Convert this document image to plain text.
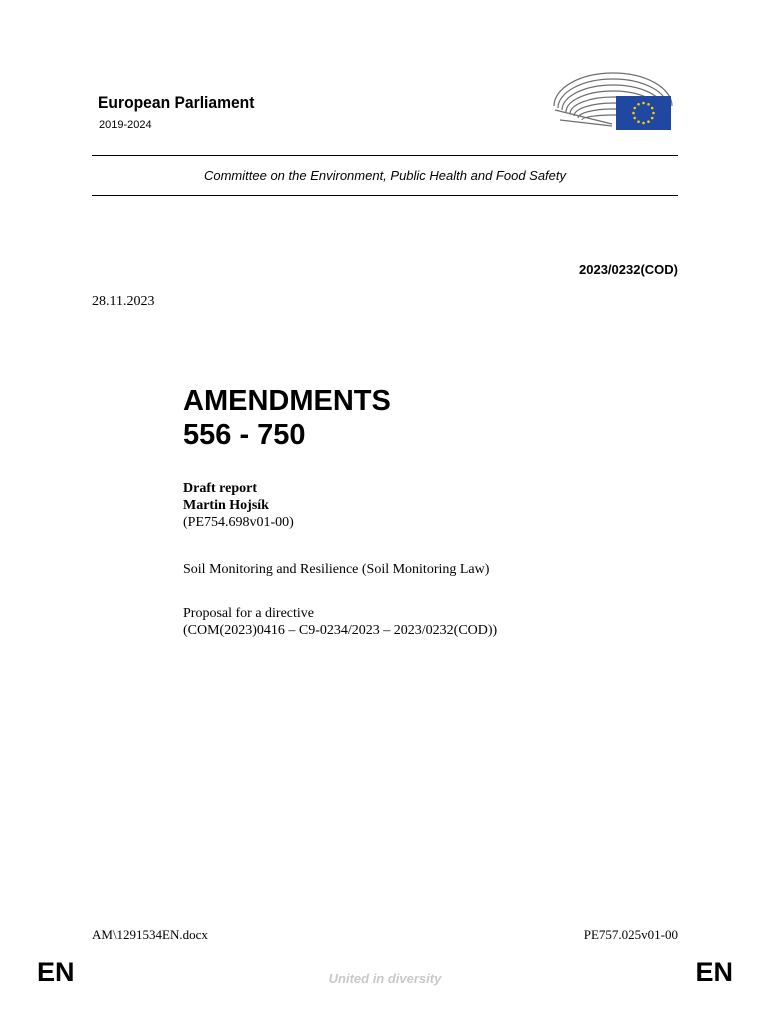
European Parliament
2019-2024
Committee on the Environment, Public Health and Food Safety
2023/0232(COD)
28.11.2023
AMENDMENTS
556 - 750
Draft report
Martin Hojsík
(PE754.698v01-00)
Soil Monitoring and Resilience (Soil Monitoring Law)
Proposal for a directive
(COM(2023)0416 – C9-0234/2023 – 2023/0232(COD))
AM\1291534EN.docx	PE757.025v01-00
EN	United in diversity	EN
